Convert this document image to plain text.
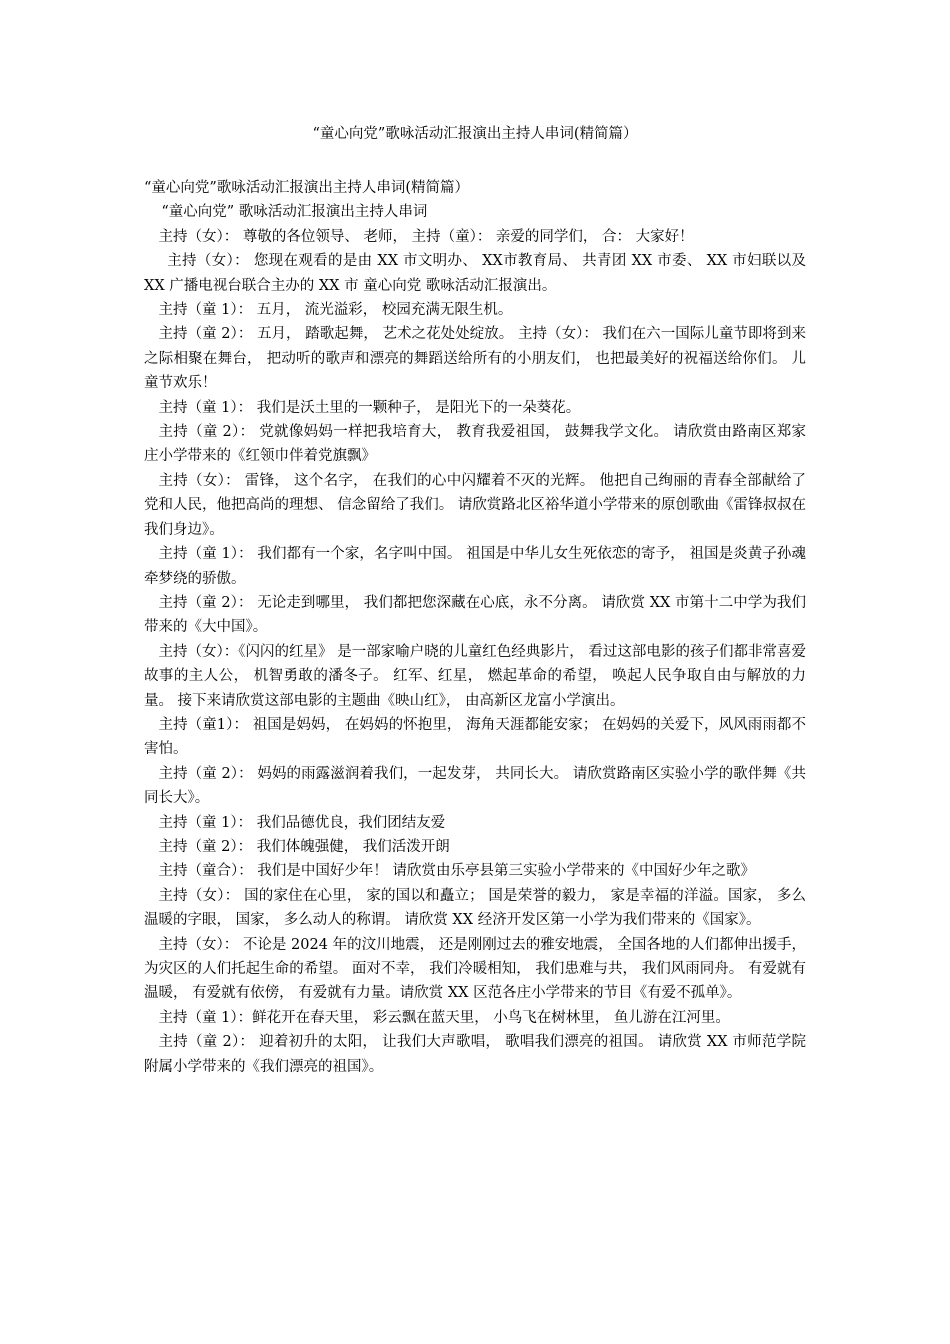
“童心向党”歌咏活动汇报演出主持人串词(精简篇）

“童心向党”歌咏活动汇报演出主持人串词(精简篇）

“童心向党” 歌咏活动汇报演出主持人串词

主持（女）： 尊敬的各位领导、 老师， 主持（童）： 亲爱的同学们， 合： 大家好！

主持（女）： 您现在观看的是由 XX 市文明办、 XX市教育局、 共青团 XX 市委、 XX 市妇联以及 XX 广播电视台联合主办的 XX 市 童心向党 歌咏活动汇报演出。

主持（童 1）： 五月， 流光溢彩， 校园充满无限生机。

主持（童 2）： 五月， 踏歌起舞， 艺术之花处处绽放。 主持（女）： 我们在六一国际儿童节即将到来之际相聚在舞台， 把动听的歌声和漂亮的舞蹈送给所有的小朋友们， 也把最美好的祝福送给你们。 儿童节欢乐！

主持（童 1）： 我们是沃土里的一颗种子， 是阳光下的一朵葵花。

主持（童 2）： 党就像妈妈一样把我培育大， 教育我爱祖国， 鼓舞我学文化。 请欣赏由路南区郑家庄小学带来的《红领巾伴着党旗飘》

主持（女）： 雷锋， 这个名字， 在我们的心中闪耀着不灭的光辉。 他把自己绚丽的青春全部献给了党和人民，他把高尚的理想、 信念留给了我们。 请欣赏路北区裕华道小学带来的原创歌曲《雷锋叔叔在我们身边》。

主持（童 1）： 我们都有一个家，名字叫中国。 祖国是中华儿女生死依恋的寄予， 祖国是炎黄子孙魂牵梦绕的骄傲。

主持（童 2）： 无论走到哪里， 我们都把您深藏在心底，永不分离。 请欣赏 XX 市第十二中学为我们带来的《大中国》。

主持（女）：《闪闪的红星》 是一部家喻户晓的儿童红色经典影片， 看过这部电影的孩子们都非常喜爱故事的主人公， 机智勇敢的潘冬子。 红军、红星， 燃起革命的希望， 唤起人民争取自由与解放的力量。 接下来请欣赏这部电影的主题曲《映山红》， 由高新区龙富小学演出。

主持（童1）： 祖国是妈妈， 在妈妈的怀抱里， 海角天涯都能安家； 在妈妈的关爱下，风风雨雨都不害怕。

主持（童 2）： 妈妈的雨露滋润着我们，一起发芽， 共同长大。 请欣赏路南区实验小学的歌伴舞《共同长大》。

主持（童 1）： 我们品德优良，我们团结友爱

主持（童 2）： 我们体魄强健， 我们活泼开朗

主持（童合）： 我们是中国好少年！ 请欣赏由乐亭县第三实验小学带来的《中国好少年之歌》

主持（女）： 国的家住在心里， 家的国以和矗立； 国是荣誉的毅力， 家是幸福的洋溢。国家， 多么温暖的字眼， 国家， 多么动人的称谓。 请欣赏 XX 经济开发区第一小学为我们带来的《国家》。

主持（女）： 不论是 2024 年的汶川地震， 还是刚刚过去的雅安地震， 全国各地的人们都伸出援手， 为灾区的人们托起生命的希望。 面对不幸， 我们冷暖相知， 我们患难与共， 我们风雨同舟。 有爱就有温暖， 有爱就有依傍， 有爱就有力量。请欣赏 XX 区范各庄小学带来的节目《有爱不孤单》。

主持（童 1）：鲜花开在春天里， 彩云飘在蓝天里， 小鸟飞在树林里， 鱼儿游在江河里。

主持（童 2）： 迎着初升的太阳， 让我们大声歌唱， 歌唱我们漂亮的祖国。 请欣赏 XX 市师范学院附属小学带来的《我们漂亮的祖国》。
